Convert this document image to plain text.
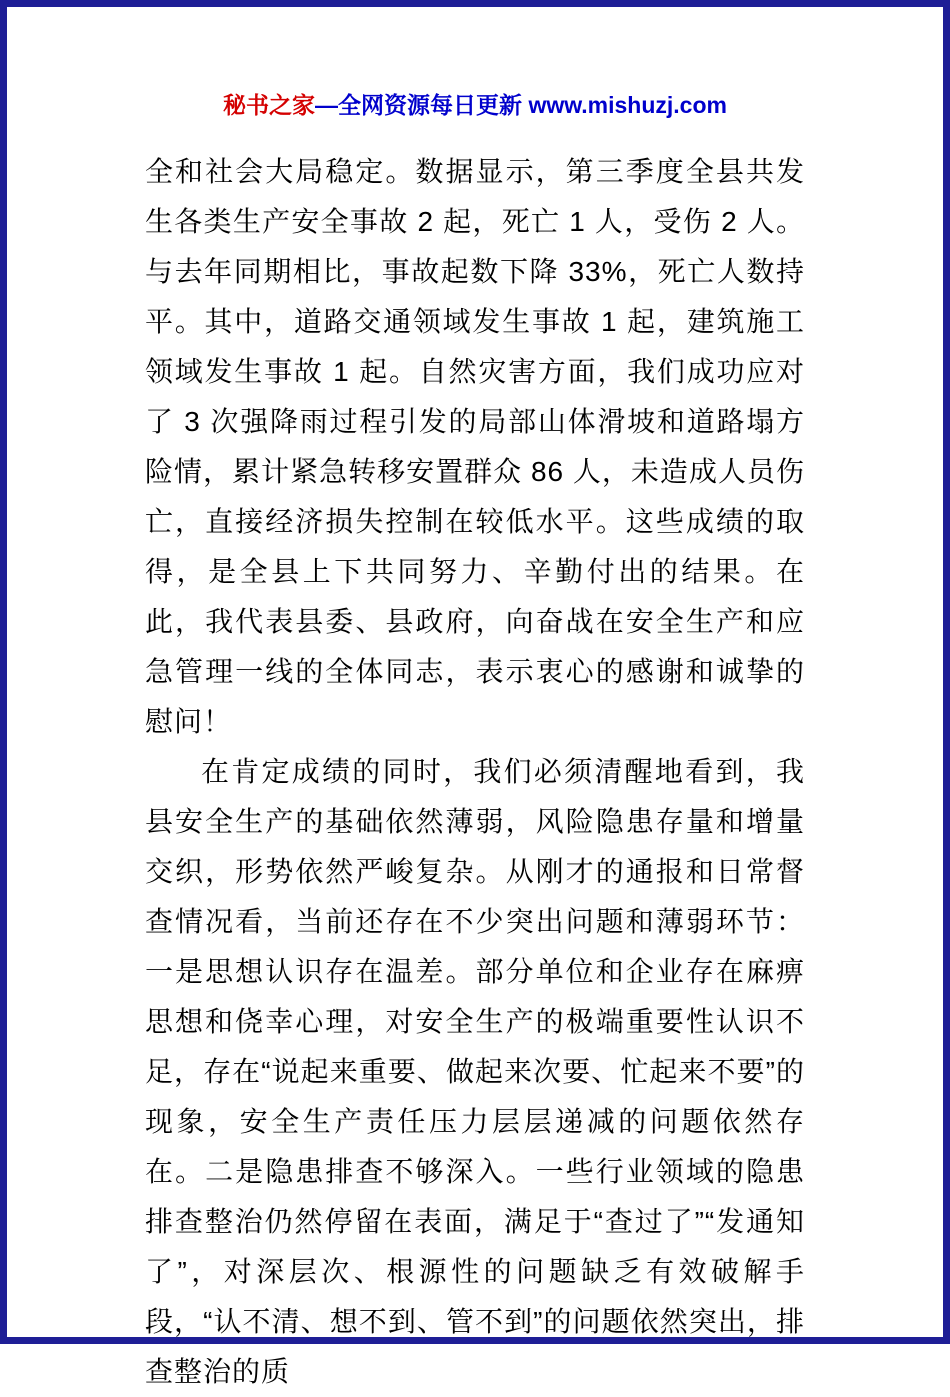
秘书之家—全网资源每日更新 www.mishuzj.com

全和社会大局稳定。数据显示，第三季度全县共发生各类生产安全事故 2 起，死亡 1 人，受伤 2 人。与去年同期相比，事故起数下降 33%，死亡人数持平。其中，道路交通领域发生事故 1 起，建筑施工领域发生事故 1 起。自然灾害方面，我们成功应对了 3 次强降雨过程引发的局部山体滑坡和道路塌方险情，累计紧急转移安置群众 86 人，未造成人员伤亡，直接经济损失控制在较低水平。这些成绩的取得，是全县上下共同努力、辛勤付出的结果。在此，我代表县委、县政府，向奋战在安全生产和应急管理一线的全体同志，表示衷心的感谢和诚挚的慰问！

在肯定成绩的同时，我们必须清醒地看到，我县安全生产的基础依然薄弱，风险隐患存量和增量交织，形势依然严峻复杂。从刚才的通报和日常督查情况看，当前还存在不少突出问题和薄弱环节：一是思想认识存在温差。部分单位和企业存在麻痹思想和侥幸心理，对安全生产的极端重要性认识不足，存在“说起来重要、做起来次要、忙起来不要”的现象，安全生产责任压力层层递减的问题依然存在。二是隐患排查不够深入。一些行业领域的隐患排查整治仍然停留在表面，满足于“查过了”“发通知了”，对深层次、根源性的问题缺乏有效破解手段，“认不清、想不到、管不到”的问题依然突出，排查整治的质
